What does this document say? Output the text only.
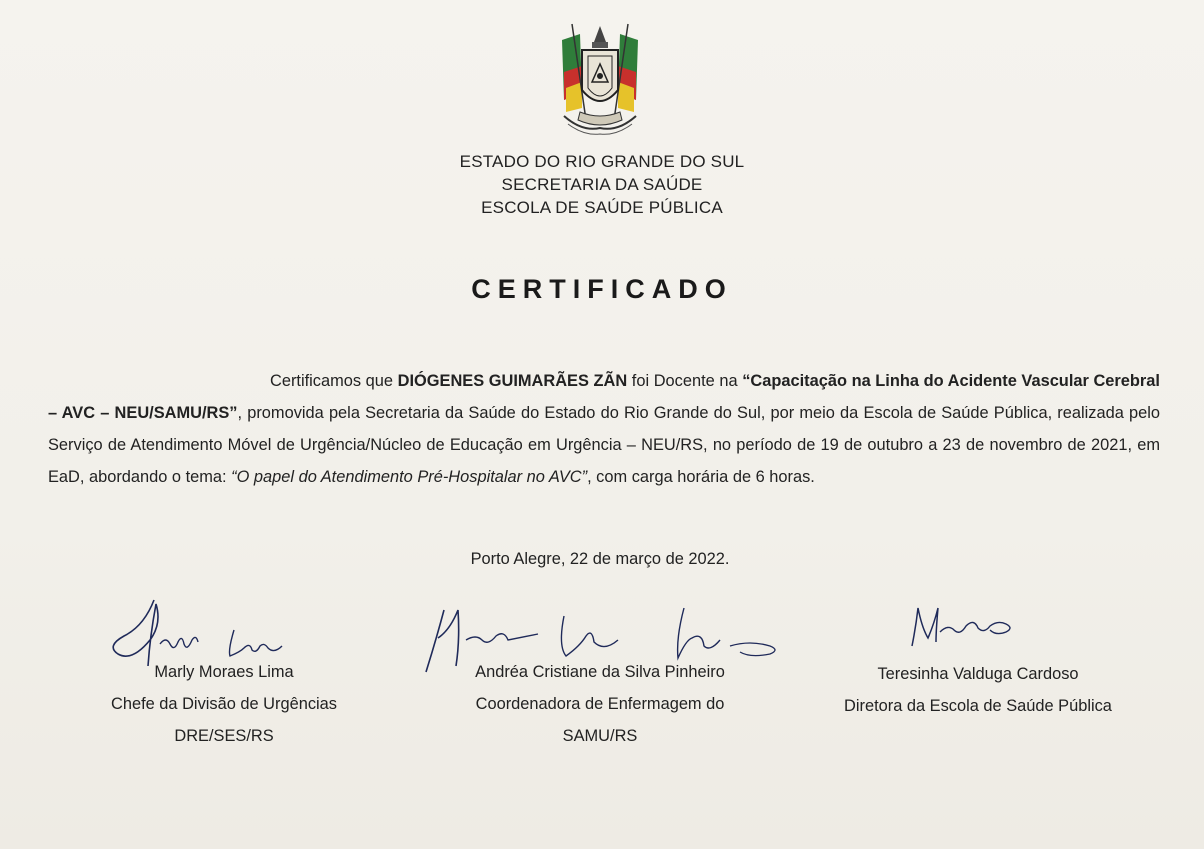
ESTADO DO RIO GRANDE DO SUL
SECRETARIA DA SAÚDE
ESCOLA DE SAÚDE PÚBLICA
CERTIFICADO
Certificamos que DIÓGENES GUIMARÃES ZÃN foi Docente na “Capacitação na Linha do Acidente Vascular Cerebral – AVC – NEU/SAMU/RS”, promovida pela Secretaria da Saúde do Estado do Rio Grande do Sul, por meio da Escola de Saúde Pública, realizada pelo Serviço de Atendimento Móvel de Urgência/Núcleo de Educação em Urgência – NEU/RS, no período de 19 de outubro a 23 de novembro de 2021, em EaD, abordando o tema: “O papel do Atendimento Pré-Hospitalar no AVC”, com carga horária de 6 horas.
Porto Alegre, 22 de março de 2022.
Marly Moraes Lima
Chefe da Divisão de Urgências
DRE/SES/RS
Andréa Cristiane da Silva Pinheiro
Coordenadora de Enfermagem do
SAMU/RS
Teresinha Valduga Cardoso
Diretora da Escola de Saúde Pública
